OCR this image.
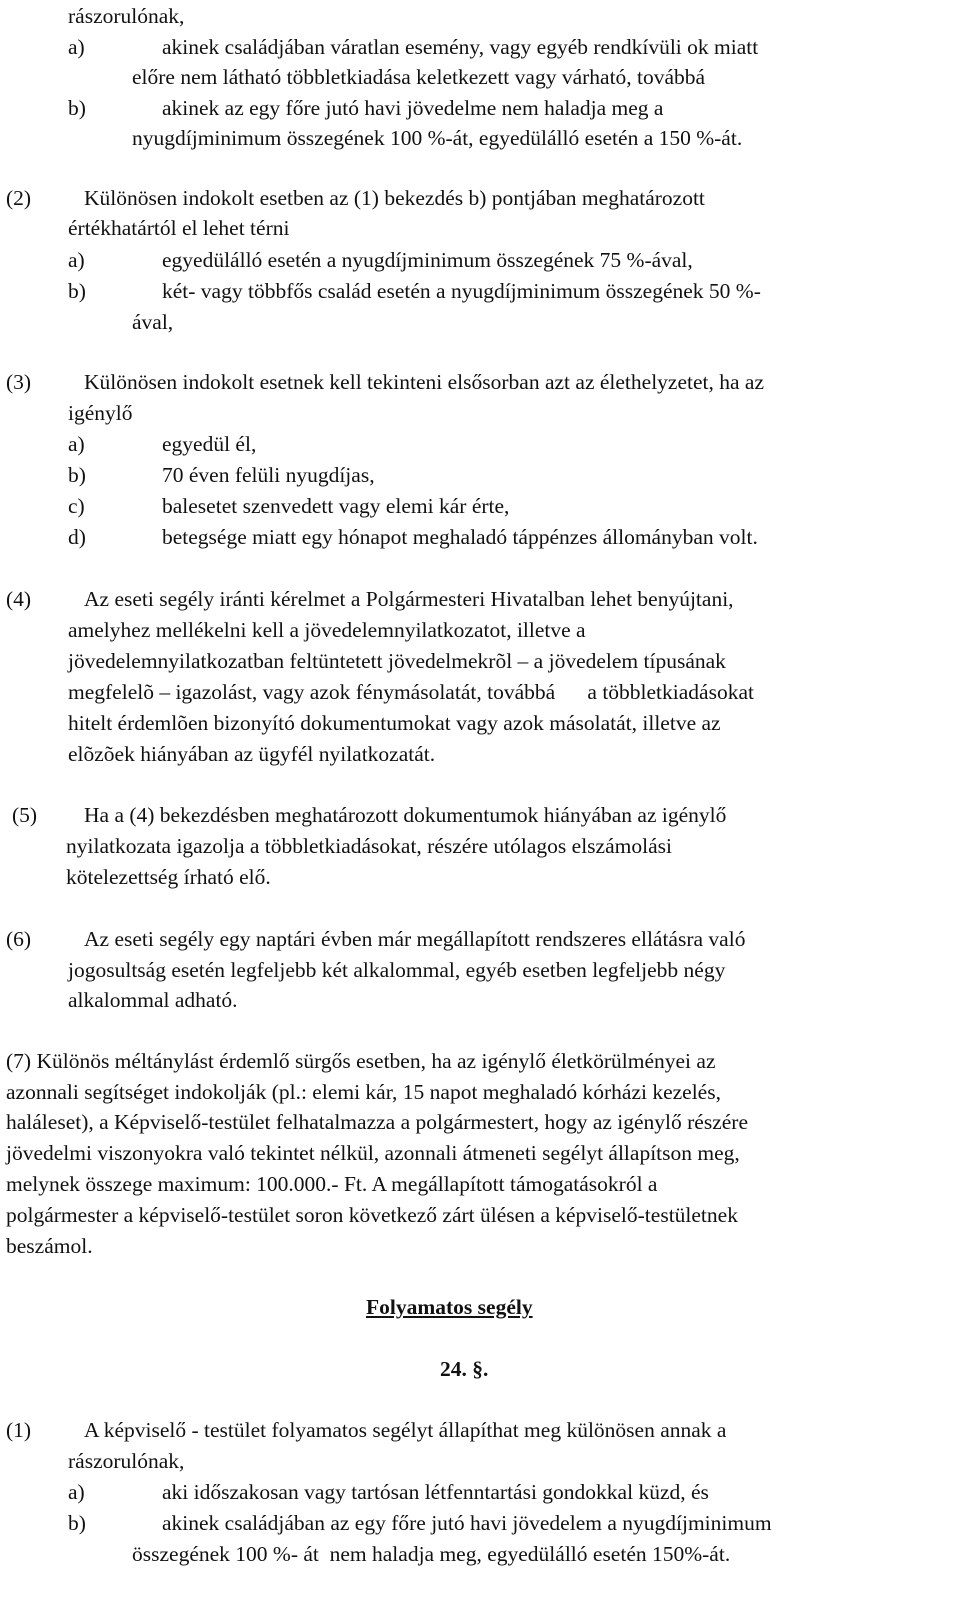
rászorulónak,
a)	akinek családjában váratlan esemény, vagy egyéb rendkívüli ok miatt
előre nem látható többletkiadása keletkezett vagy várható, továbbá
b)	akinek az egy főre jutó havi jövedelme nem haladja meg a
nyugdíjminimum összegének 100 %-át, egyedülálló esetén a 150 %-át.
(2) Különösen indokolt esetben az (1) bekezdés b) pontjában meghatározott
értékhatártól el lehet térni
a)	egyedülálló esetén a nyugdíjminimum összegének 75 %-ával,
b)	két- vagy többfős család esetén a nyugdíjminimum összegének 50 %-
ával,
(3) Különösen indokolt esetnek kell tekinteni elsősorban azt az élethelyzetet, ha az
igénylő
a)	egyedül él,
b)	70 éven felüli nyugdíjas,
c)	balesetet szenvedett vagy elemi kár érte,
d)	betegsége miatt egy hónapot meghaladó táppénzes állományban volt.
(4) Az eseti segély iránti kérelmet a Polgármesteri Hivatalban lehet benyújtani,
amelyhez mellékelni kell a jövedelemnyilatkozatot, illetve a
jövedelemnyilatkozatban feltüntetett jövedelmekrõl – a jövedelem típusának
megfelelõ – igazolást, vagy azok fénymásolatát, továbbá      a többletkiadásokat
hitelt érdemlõen bizonyító dokumentumokat vagy azok másolatát, illetve az
elõzõek hiányában az ügyfél nyilatkozatát.
(5) Ha a (4) bekezdésben meghatározott dokumentumok hiányában az igénylő
nyilatkozata igazolja a többletkiadásokat, részére utólagos elszámolási
kötelezettség írható elő.
(6) Az eseti segély egy naptári évben már megállapított rendszeres ellátásra való
jogosultság esetén legfeljebb két alkalommal, egyéb esetben legfeljebb négy
alkalommal adható.
(7) Különös méltánylást érdemlő sürgős esetben, ha az igénylő életkörülményei az
azonnali segítséget indokolják (pl.: elemi kár, 15 napot meghaladó kórházi kezelés,
haláleset), a Képviselő-testület felhatalmazza a polgármestert, hogy az igénylő részére
jövedelmi viszonyokra való tekintet nélkül, azonnali átmeneti segélyt állapítson meg,
melynek összege maximum: 100.000.- Ft. A megállapított támogatásokról a
polgármester a képviselő-testület soron következő zárt ülésen a képviselő-testületnek
beszámol.
Folyamatos segély
24. §.
(1) A képviselő - testület folyamatos segélyt állapíthat meg különösen annak a
rászorulónak,
a)	aki időszakosan vagy tartósan létfenntartási gondokkal küzd, és
b)	akinek családjában az egy főre jutó havi jövedelem a nyugdíjminimum
összegének 100 %- át  nem haladja meg, egyedülálló esetén 150%-át.
